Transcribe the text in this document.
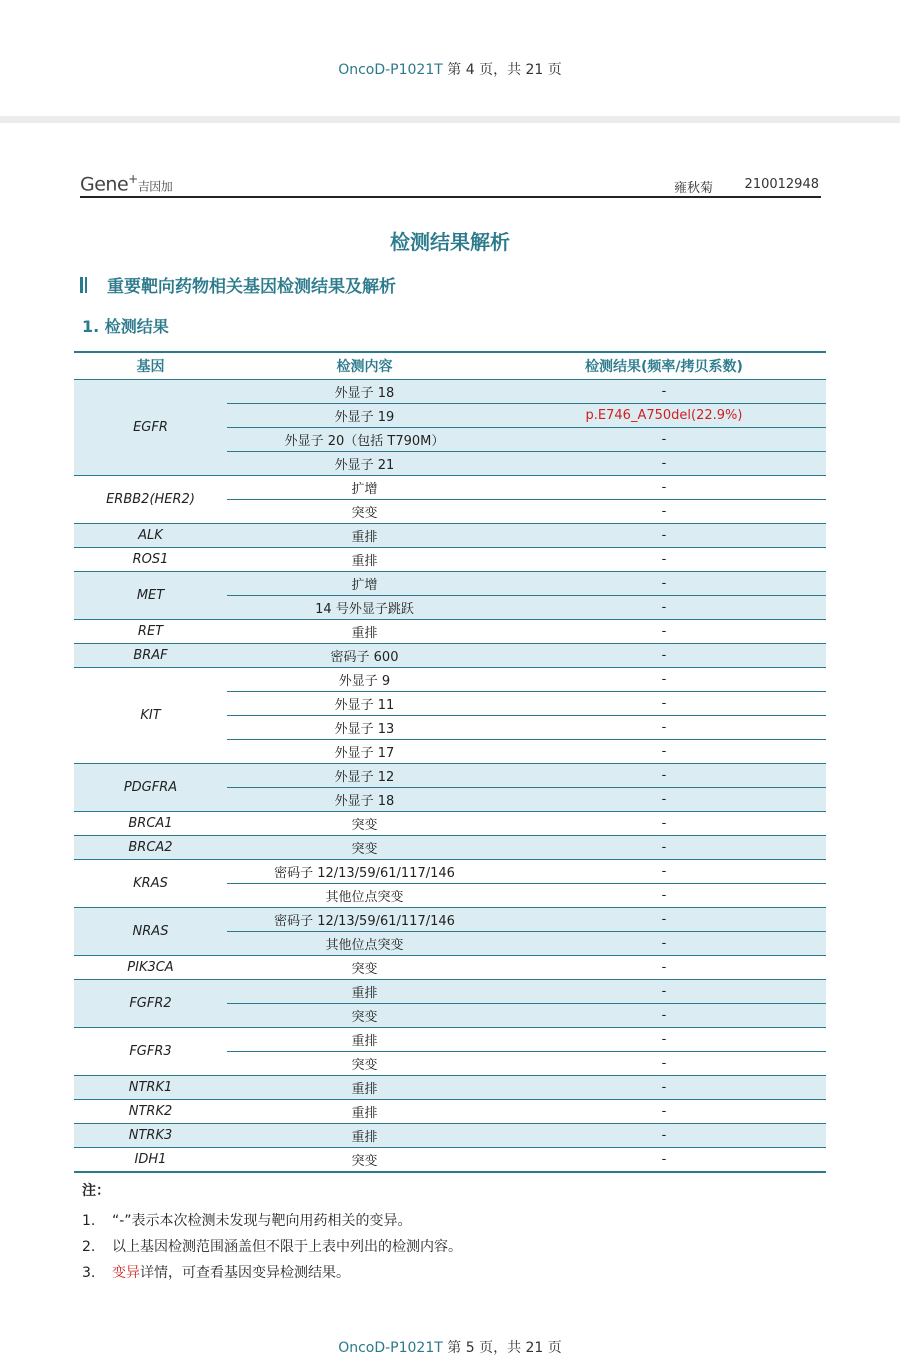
OncoD-P1021T 第 4 页，共 21 页
Gene+吉因加	雍秋菊 210012948
检测结果解析
重要靶向药物相关基因检测结果及解析
1. 检测结果
基因	检测内容	检测结果(频率/拷贝系数)
EGFR	外显子 18	-
	外显子 19	p.E746_A750del(22.9%)
	外显子 20（包括 T790M）	-
	外显子 21	-
ERBB2(HER2)	扩增	-
	突变	-
ALK	重排	-
ROS1	重排	-
MET	扩增	-
	14 号外显子跳跃	-
RET	重排	-
BRAF	密码子 600	-
KIT	外显子 9	-
	外显子 11	-
	外显子 13	-
	外显子 17	-
PDGFRA	外显子 12	-
	外显子 18	-
BRCA1	突变	-
BRCA2	突变	-
KRAS	密码子 12/13/59/61/117/146	-
	其他位点突变	-
NRAS	密码子 12/13/59/61/117/146	-
	其他位点突变	-
PIK3CA	突变	-
FGFR2	重排	-
	突变	-
FGFR3	重排	-
	突变	-
NTRK1	重排	-
NTRK2	重排	-
NTRK3	重排	-
IDH1	突变	-
注：
1. “-”表示本次检测未发现与靶向用药相关的变异。
2. 以上基因检测范围涵盖但不限于上表中列出的检测内容。
3. 变异详情，可查看基因变异检测结果。
OncoD-P1021T 第 5 页，共 21 页
